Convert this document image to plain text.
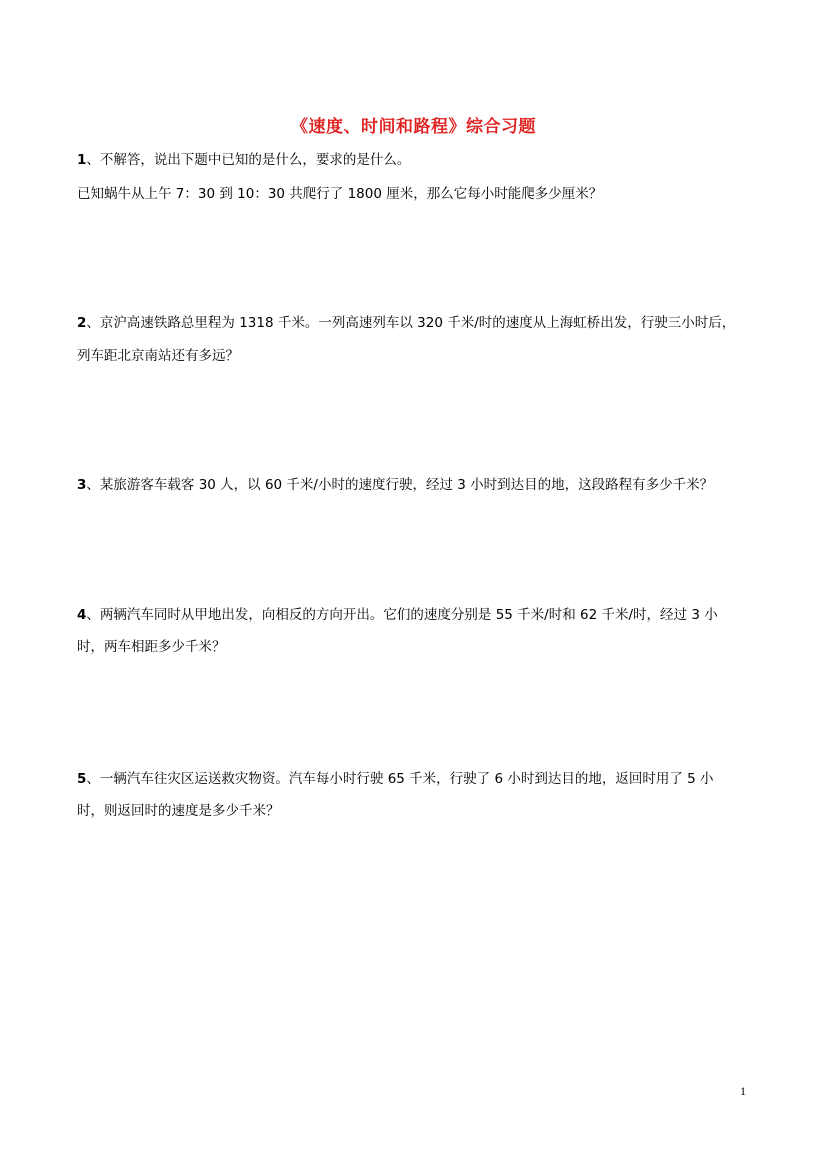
《速度、时间和路程》综合习题
1、不解答，说出下题中已知的是什么，要求的是什么。
已知蜗牛从上午 7：30 到 10：30 共爬行了 1800 厘米，那么它每小时能爬多少厘米？
2、京沪高速铁路总里程为 1318 千米。一列高速列车以 320 千米/时的速度从上海虹桥出发，行驶三小时后，
列车距北京南站还有多远？
3、某旅游客车载客 30 人，以 60 千米/小时的速度行驶，经过 3 小时到达目的地，这段路程有多少千米？
4、两辆汽车同时从甲地出发，向相反的方向开出。它们的速度分别是 55 千米/时和 62 千米/时，经过 3 小
时，两车相距多少千米？
5、一辆汽车往灾区运送救灾物资。汽车每小时行驶 65 千米，行驶了 6 小时到达目的地，返回时用了 5 小
时，则返回时的速度是多少千米？
1
